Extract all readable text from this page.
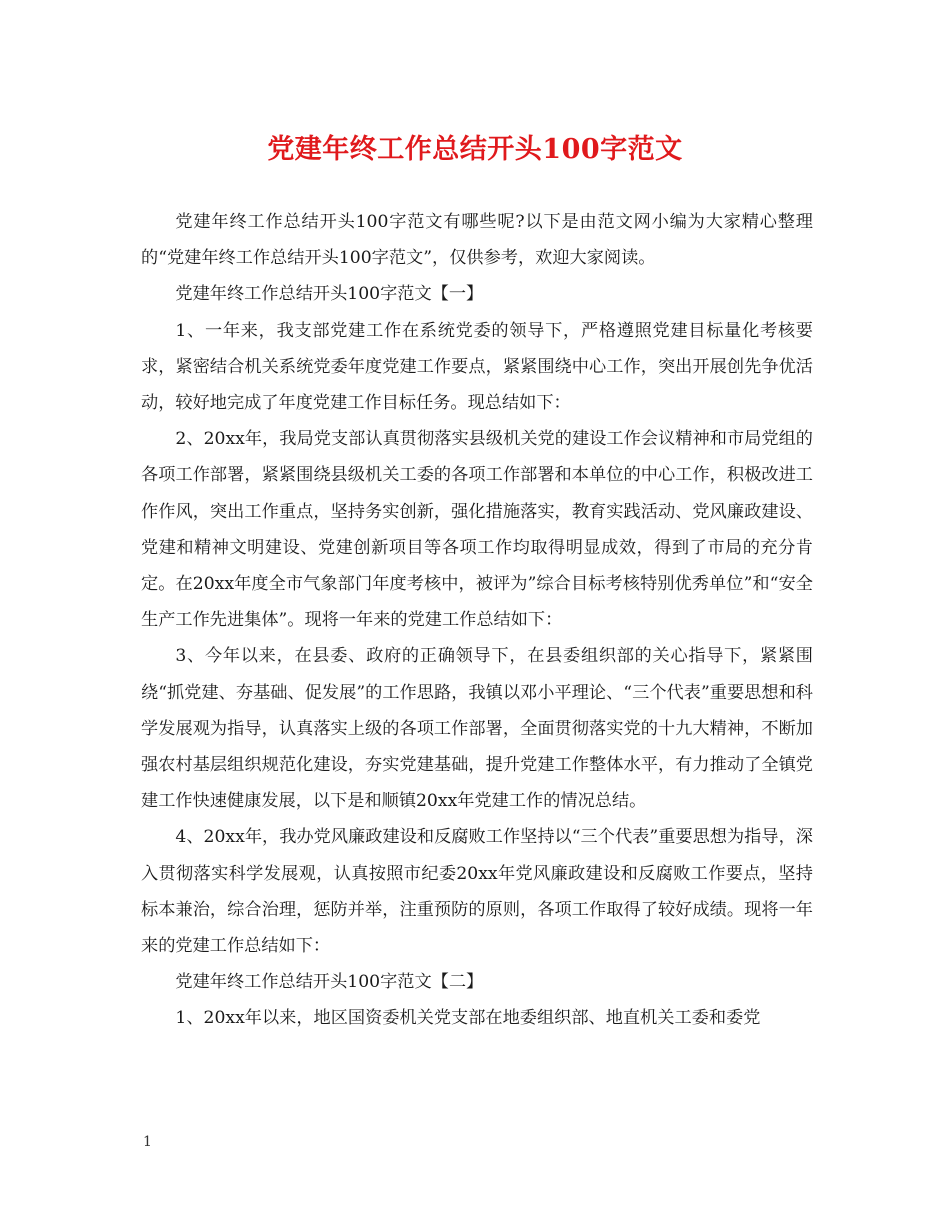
党建年终工作总结开头100字范文

党建年终工作总结开头100字范文有哪些呢?以下是由范文网小编为大家精心整理的“党建年终工作总结开头100字范文”，仅供参考，欢迎大家阅读。

党建年终工作总结开头100字范文【一】

1、一年来，我支部党建工作在系统党委的领导下，严格遵照党建目标量化考核要求，紧密结合机关系统党委年度党建工作要点，紧紧围绕中心工作，突出开展创先争优活动，较好地完成了年度党建工作目标任务。现总结如下：

2、20xx年，我局党支部认真贯彻落实县级机关党的建设工作会议精神和市局党组的各项工作部署，紧紧围绕县级机关工委的各项工作部署和本单位的中心工作，积极改进工作作风，突出工作重点，坚持务实创新，强化措施落实，教育实践活动、党风廉政建设、党建和精神文明建设、党建创新项目等各项工作均取得明显成效，得到了市局的充分肯定。在20xx年度全市气象部门年度考核中，被评为”综合目标考核特别优秀单位”和“安全生产工作先进集体”。现将一年来的党建工作总结如下：

3、今年以来，在县委、政府的正确领导下，在县委组织部的关心指导下，紧紧围绕“抓党建、夯基础、促发展”的工作思路，我镇以邓小平理论、“三个代表”重要思想和科学发展观为指导，认真落实上级的各项工作部署，全面贯彻落实党的十九大精神，不断加强农村基层组织规范化建设，夯实党建基础，提升党建工作整体水平，有力推动了全镇党建工作快速健康发展，以下是和顺镇20xx年党建工作的情况总结。

4、20xx年，我办党风廉政建设和反腐败工作坚持以“三个代表”重要思想为指导，深入贯彻落实科学发展观，认真按照市纪委20xx年党风廉政建设和反腐败工作要点，坚持标本兼治，综合治理，惩防并举，注重预防的原则，各项工作取得了较好成绩。现将一年来的党建工作总结如下：

党建年终工作总结开头100字范文【二】

1、20xx年以来，地区国资委机关党支部在地委组织部、地直机关工委和委党

1
